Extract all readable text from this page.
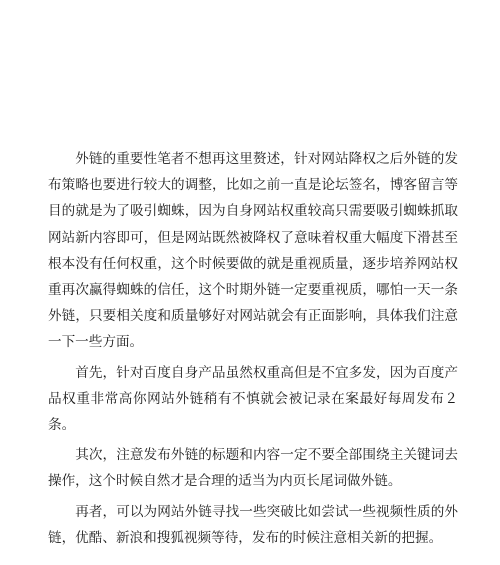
外链的重要性笔者不想再这里赘述，针对网站降权之后外链的发布策略也要进行较大的调整，比如之前一直是论坛签名，博客留言等目的就是为了吸引蜘蛛，因为自身网站权重较高只需要吸引蜘蛛抓取网站新内容即可，但是网站既然被降权了意味着权重大幅度下滑甚至根本没有任何权重，这个时候要做的就是重视质量，逐步培养网站权重再次赢得蜘蛛的信任，这个时期外链一定要重视质，哪怕一天一条外链，只要相关度和质量够好对网站就会有正面影响，具体我们注意一下一些方面。

首先，针对百度自身产品虽然权重高但是不宜多发，因为百度产品权重非常高你网站外链稍有不慎就会被记录在案最好每周发布２条。

其次，注意发布外链的标题和内容一定不要全部围绕主关键词去操作，这个时候自然才是合理的适当为内页长尾词做外链。

再者，可以为网站外链寻找一些突破比如尝试一些视频性质的外链，优酷、新浪和搜狐视频等待，发布的时候注意相关新的把握。
